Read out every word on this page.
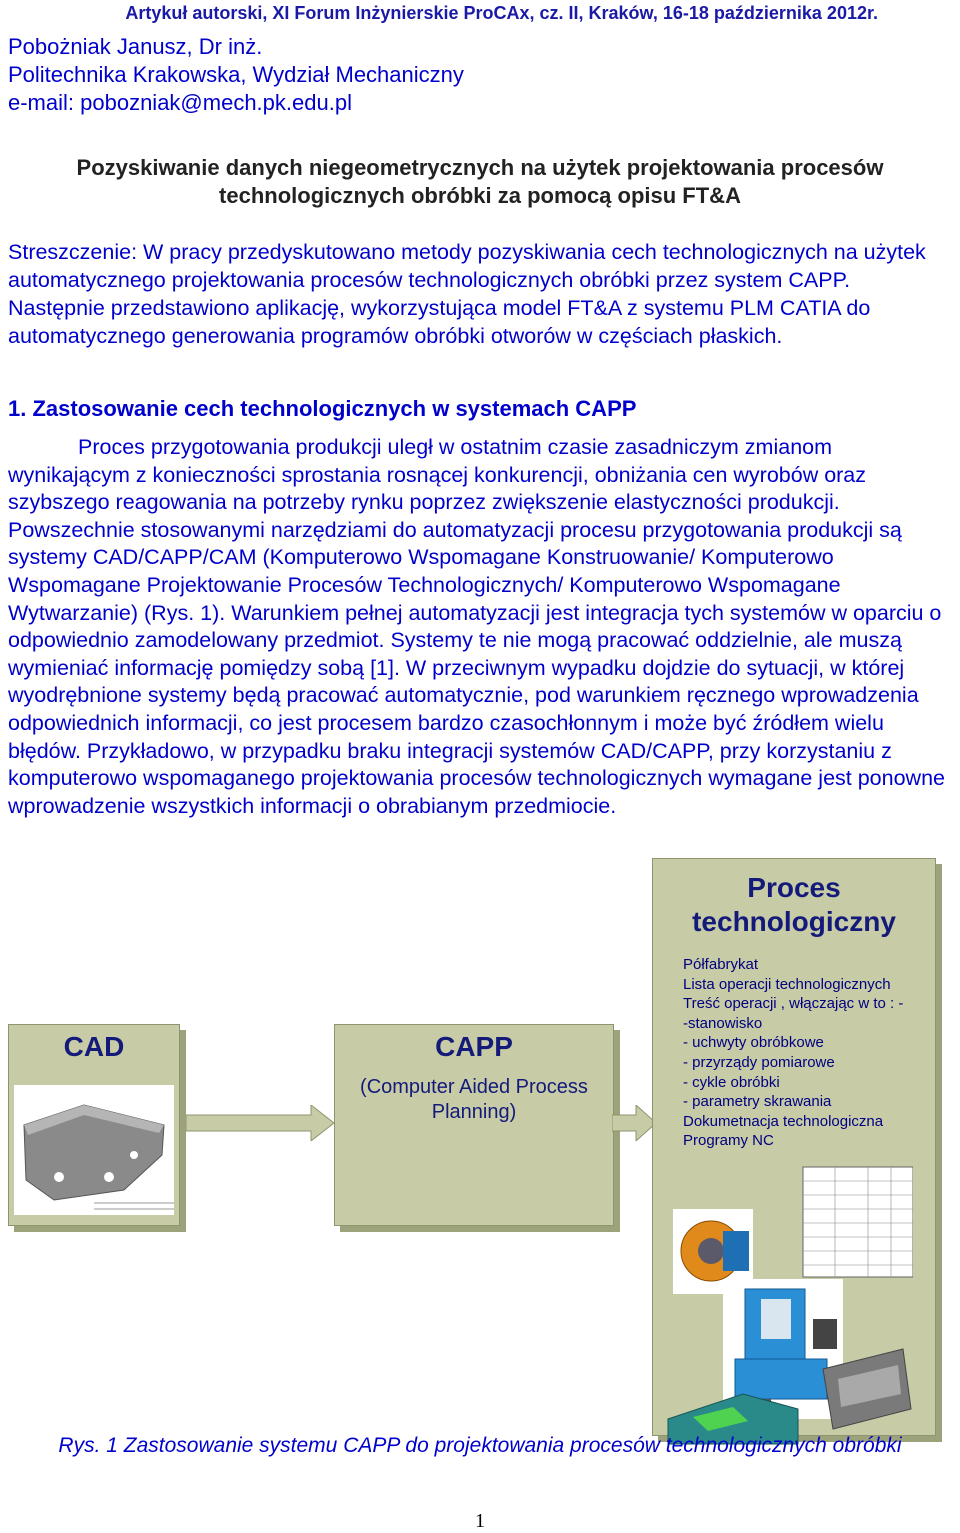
Artykuł autorski, XI Forum Inżynierskie ProCAx, cz. II, Kraków, 16-18 października 2012r.
Pobożniak Janusz, Dr inż.
Politechnika Krakowska, Wydział Mechaniczny
e-mail: pobozniak@mech.pk.edu.pl
Pozyskiwanie danych niegeometrycznych na użytek projektowania procesów
technologicznych obróbki za pomocą opisu FT&A
Streszczenie: W pracy przedyskutowano metody pozyskiwania cech technologicznych na użytek automatycznego projektowania procesów technologicznych obróbki przez system CAPP. Następnie przedstawiono aplikację, wykorzystująca model FT&A z systemu PLM CATIA do automatycznego generowania programów obróbki otworów w częściach płaskich.
1. Zastosowanie cech technologicznych w systemach CAPP

Proces przygotowania produkcji uległ w ostatnim czasie zasadniczym zmianom wynikającym z konieczności sprostania rosnącej konkurencji, obniżania cen wyrobów oraz szybszego reagowania na potrzeby rynku poprzez zwiększenie elastyczności produkcji. Powszechnie stosowanymi narzędziami do automatyzacji procesu przygotowania produkcji są systemy CAD/CAPP/CAM (Komputerowo Wspomagane Konstruowanie/ Komputerowo Wspomagane Projektowanie Procesów Technologicznych/ Komputerowo Wspomagane Wytwarzanie) (Rys. 1). Warunkiem pełnej automatyzacji jest integracja tych systemów w oparciu o odpowiednio zamodelowany przedmiot. Systemy te nie mogą pracować oddzielnie, ale muszą wymieniać informację pomiędzy sobą [1]. W przeciwnym wypadku dojdzie do sytuacji, w której wyodrębnione systemy będą pracować automatycznie, pod warunkiem ręcznego wprowadzenia odpowiednich informacji, co jest procesem bardzo czasochłonnym i może być źródłem wielu błędów. Przykładowo, w przypadku braku integracji systemów CAD/CAPP, przy korzystaniu z komputerowo wspomaganego projektowania procesów technologicznych wymagane jest ponowne wprowadzenie wszystkich informacji o obrabianym przedmiocie.

CAD	CAPP
(Computer Aided Process Planning)
Proces
technologiczny
Półfabrykat
Lista operacji technologicznych
Treść operacji , włączając w to : -
-stanowisko
- uchwyty obróbkowe
- przyrządy pomiarowe
- cykle obróbki
- parametry skrawania
Dokumetnacja technologiczna
Programy NC
Rys. 1 Zastosowanie systemu CAPP do projektowania procesów technologicznych obróbki
1
